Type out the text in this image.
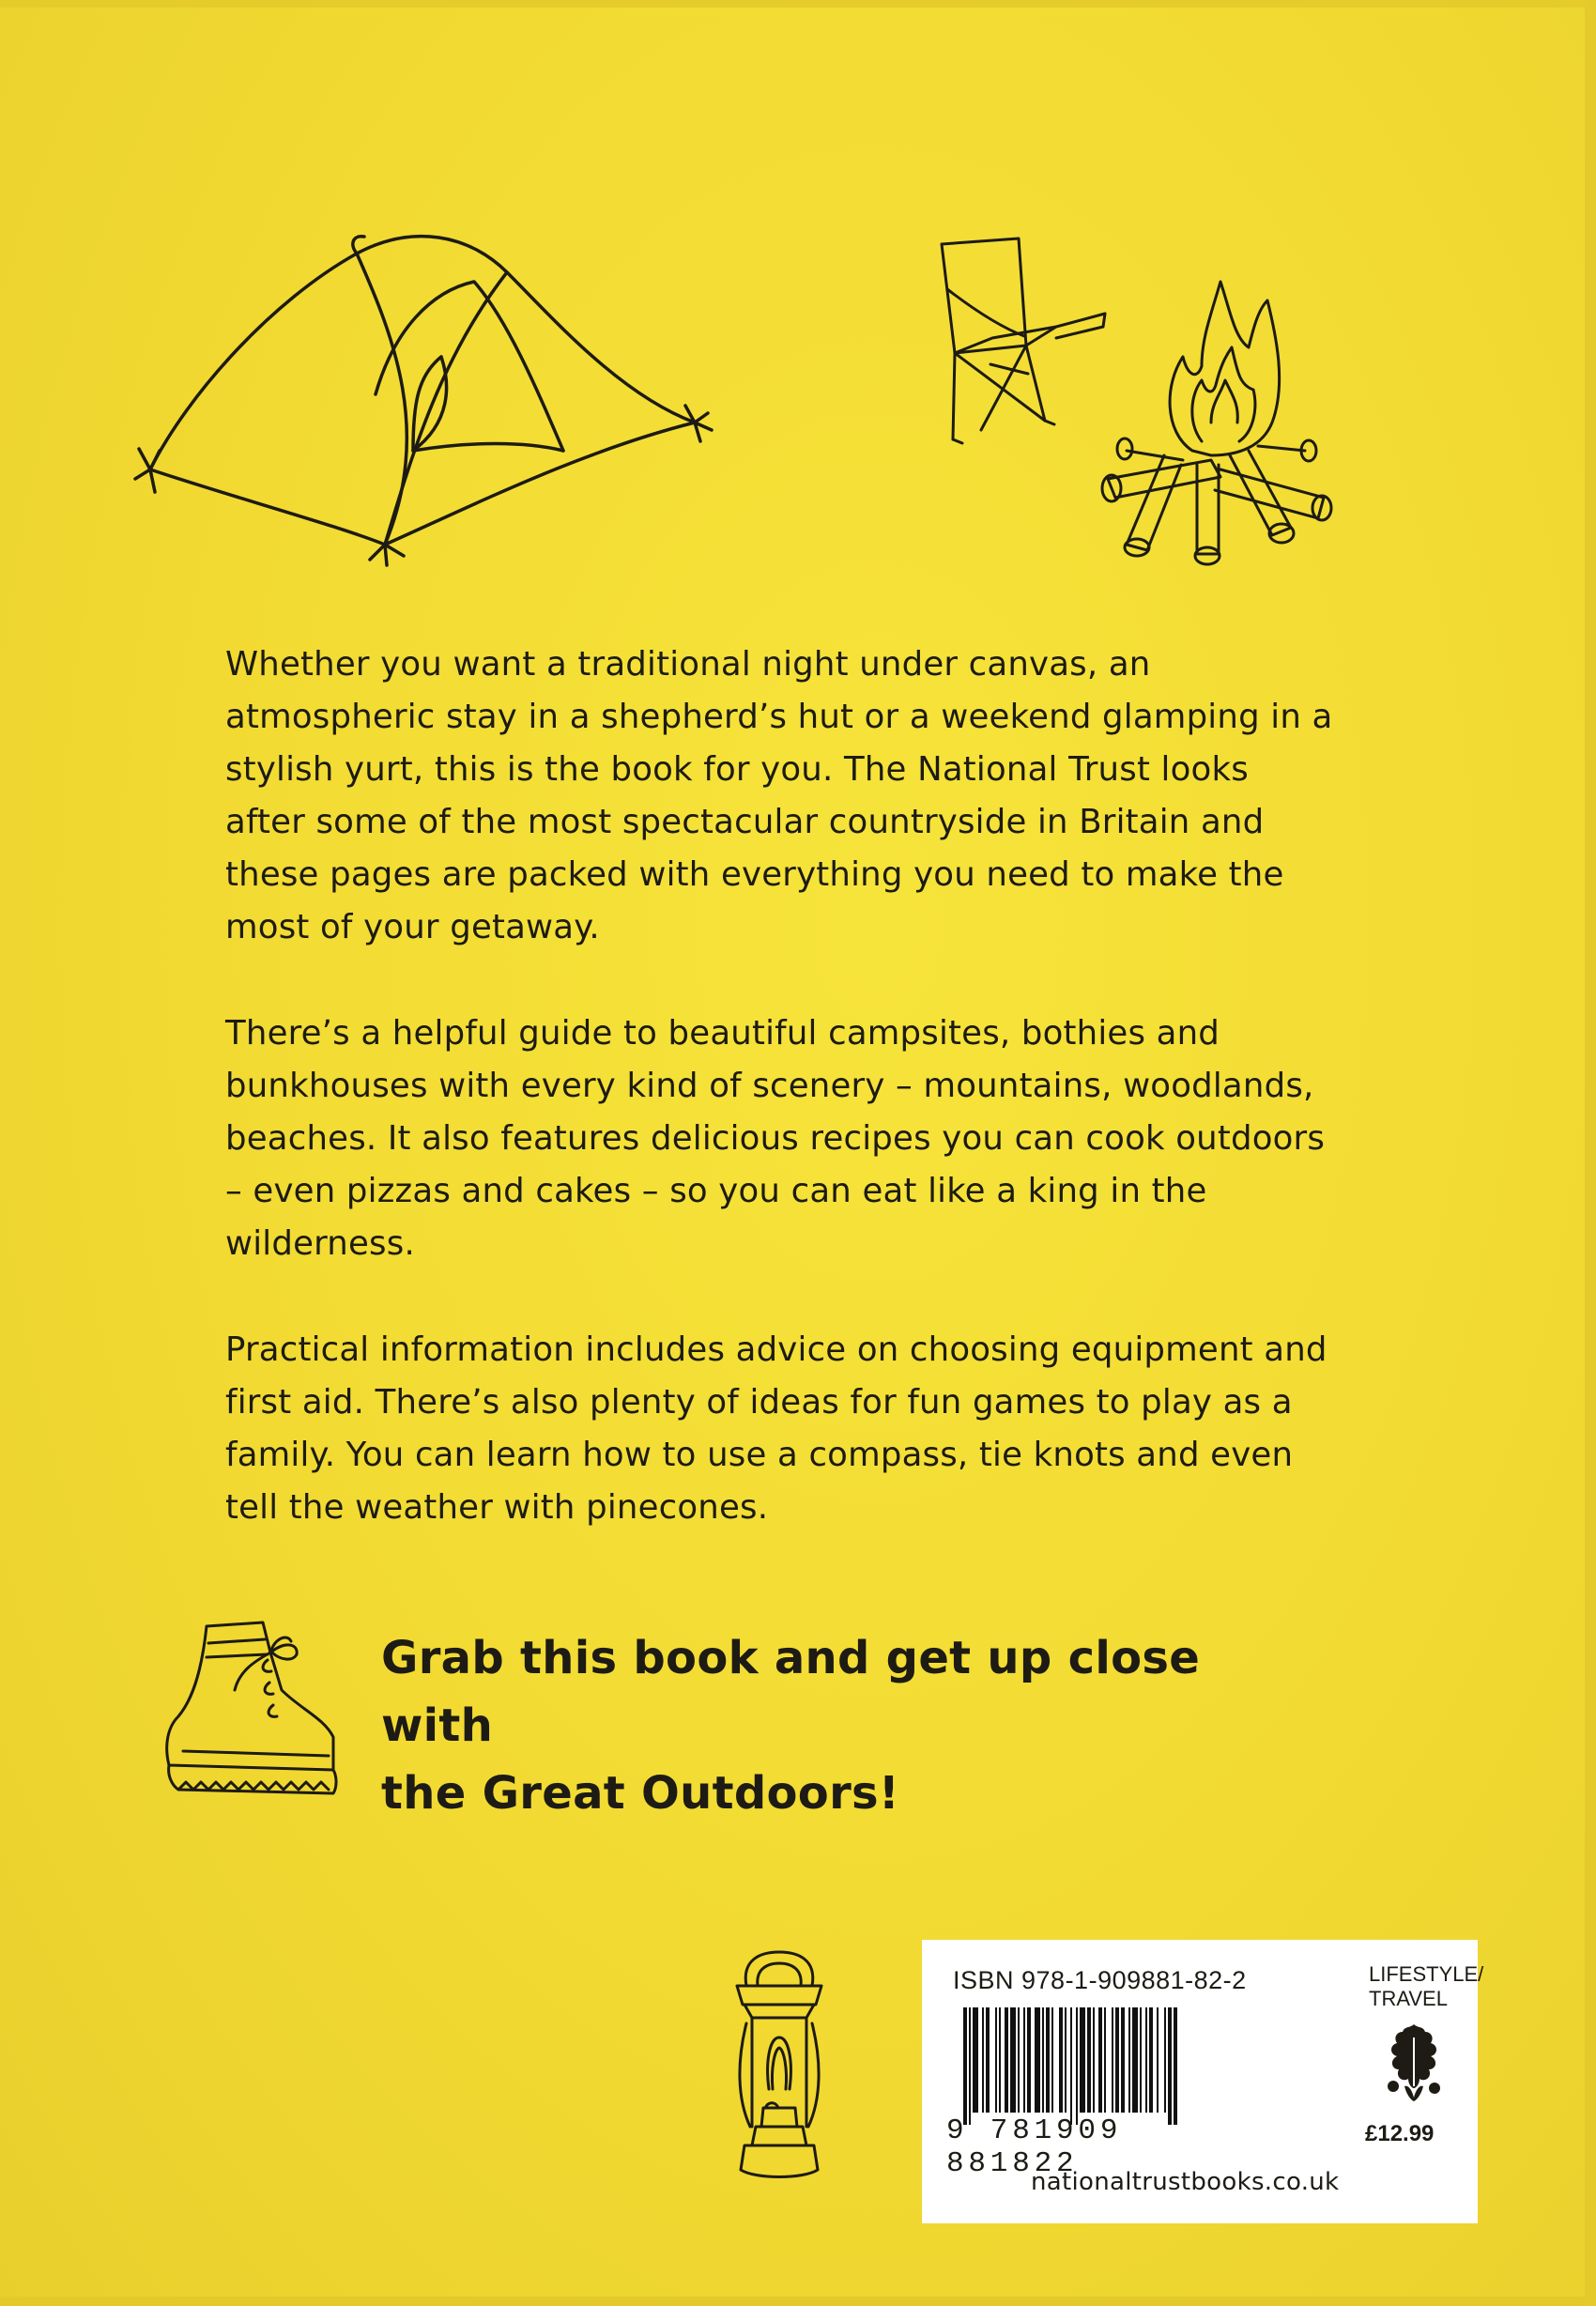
Whether you want a traditional night under canvas, an atmospheric stay in a shepherd’s hut or a weekend glamping in a stylish yurt, this is the book for you. The National Trust looks after some of the most spectacular countryside in Britain and these pages are packed with everything you need to make the most of your getaway.

There’s a helpful guide to beautiful campsites, bothies and bunkhouses with every kind of scenery – mountains, woodlands, beaches. It also features delicious recipes you can cook outdoors – even pizzas and cakes – so you can eat like a king in the wilderness.

Practical information includes advice on choosing equipment and first aid. There’s also plenty of ideas for fun games to play as a family. You can learn how to use a compass, tie knots and even tell the weather with pinecones.

Grab this book and get up close with
the Great Outdoors!
ISBN 978-1-909881-82-2	LIFESTYLE/
TRAVEL
9 781909 881822
£12.99
nationaltrustbooks.co.uk
